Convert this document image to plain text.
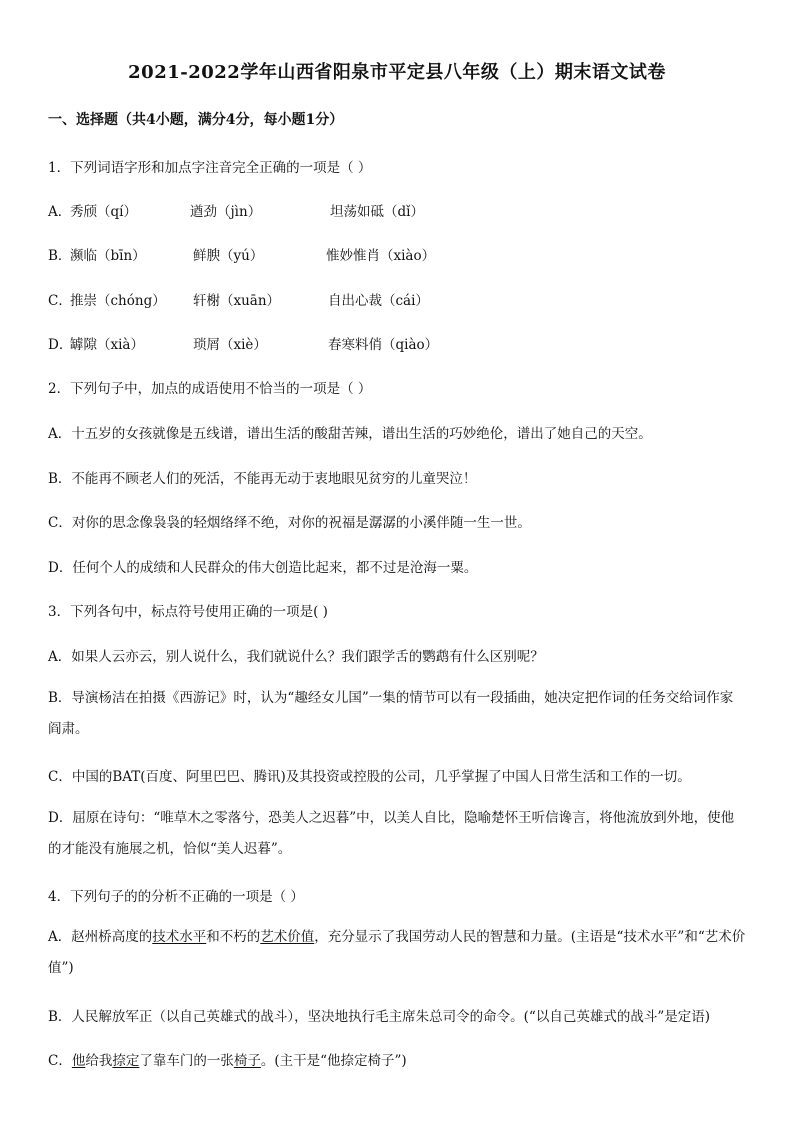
2021-2022学年山西省阳泉市平定县八年级（上）期末语文试卷
一、选择题（共4小题，满分4分，每小题1分）
1．下列词语字形和加点字注音完全正确的一项是（ ）
A．
秀颀（qí）	遒劲（jìn）	坦荡如砥（dǐ）
B．
濒临（bīn）	鲜腴（yú）	惟妙惟肖（xiào）
C．
推崇（chóng） 轩榭（xuān）	自出心裁（cái）
D．
罅隙（xià）	琐屑（xiè）	春寒料俏（qiào）
2．下列句子中，加点的成语使用不恰当的一项是（ ）
A．十五岁的女孩就像是五线谱，谱出生活的酸甜苦辣，谱出生活的巧妙绝伦，谱出了她自己的天空。
B．不能再不顾老人们的死活，不能再无动于衷地眼见贫穷的儿童哭泣！
C．对你的思念像袅袅的轻烟络绎不绝，对你的祝福是潺潺的小溪伴随一生一世。
D．任何个人的成绩和人民群众的伟大创造比起来，都不过是沧海一粟。
3．下列各句中，标点符号使用正确的一项是( )
A．如果人云亦云，别人说什么，我们就说什么？我们跟学舌的鹦鹉有什么区别呢？
B．导演杨洁在拍摄《西游记》时，认为“趣经女儿国”一集的情节可以有一段插曲，她决定把作词的任务交给词作家阎肃。
C．中国的BAT(百度、阿里巴巴、腾讯)及其投资或控股的公司，几乎掌握了中国人日常生活和工作的一切。
D．屈原在诗句：“唯草木之零落兮，恐美人之迟暮”中，以美人自比，隐喻楚怀王听信谗言，将他流放到外地，使他的才能没有施展之机，恰似“美人迟暮”。
4．下列句子的的分析不正确的一项是（ ）
A．赵州桥高度的技术水平和不朽的艺术价值，充分显示了我国劳动人民的智慧和力量。(主语是“技术水平”和“艺术价值”)
B．人民解放军正（以自己英雄式的战斗），坚决地执行毛主席朱总司令的命令。(“以自己英雄式的战斗”是定语)
C．他给我捺定了靠车门的一张椅子。(主干是“他捺定椅子”)
